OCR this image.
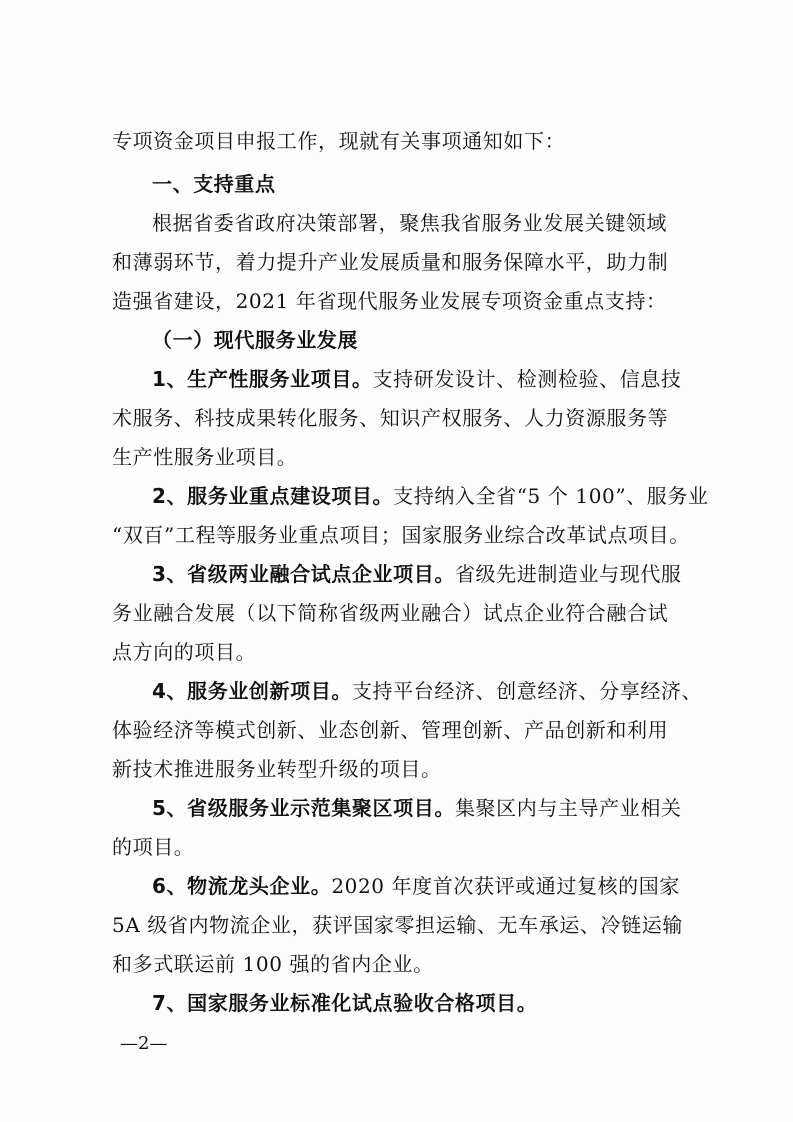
专项资金项目申报工作，现就有关事项通知如下：
一、支持重点
根据省委省政府决策部署，聚焦我省服务业发展关键领域
和薄弱环节，着力提升产业发展质量和服务保障水平，助力制
造强省建设，2021 年省现代服务业发展专项资金重点支持：
（一）现代服务业发展
1、生产性服务业项目。支持研发设计、检测检验、信息技
术服务、科技成果转化服务、知识产权服务、人力资源服务等
生产性服务业项目。
2、服务业重点建设项目。支持纳入全省“5 个 100”、服务业
“双百”工程等服务业重点项目；国家服务业综合改革试点项目。
3、省级两业融合试点企业项目。省级先进制造业与现代服
务业融合发展（以下简称省级两业融合）试点企业符合融合试
点方向的项目。
4、服务业创新项目。支持平台经济、创意经济、分享经济、
体验经济等模式创新、业态创新、管理创新、产品创新和利用
新技术推进服务业转型升级的项目。
5、省级服务业示范集聚区项目。集聚区内与主导产业相关
的项目。
6、物流龙头企业。2020 年度首次获评或通过复核的国家
5A 级省内物流企业，获评国家零担运输、无车承运、冷链运输
和多式联运前 100 强的省内企业。
7、国家服务业标准化试点验收合格项目。
—2—
